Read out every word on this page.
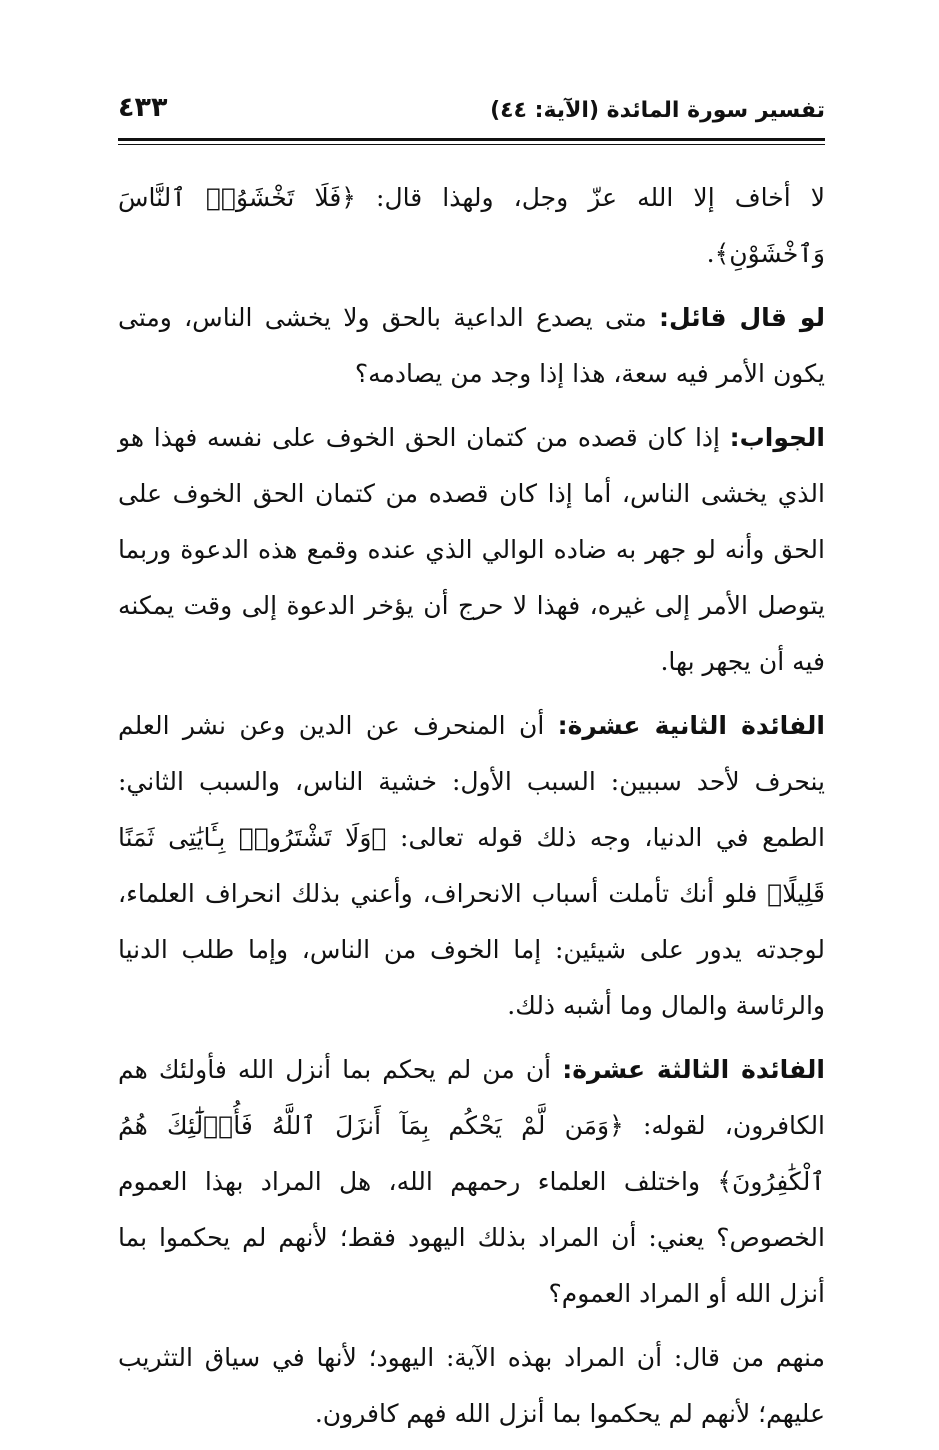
تفسير سورة المائدة (الآية: ٤٤)
٤٣٣

لا أخاف إلا الله عزّ وجل، ولهذا قال: ﴿فَلَا تَخْشَوُا۟ ٱلنَّاسَ وَٱخْشَوْنِ﴾.

لو قال قائل: متى يصدع الداعية بالحق ولا يخشى الناس، ومتى يكون الأمر فيه سعة، هذا إذا وجد من يصادمه؟

الجواب: إذا كان قصده من كتمان الحق الخوف على نفسه فهذا هو الذي يخشى الناس، أما إذا كان قصده من كتمان الحق الخوف على الحق وأنه لو جهر به ضاده الوالي الذي عنده وقمع هذه الدعوة وربما يتوصل الأمر إلى غيره، فهذا لا حرج أن يؤخر الدعوة إلى وقت يمكنه فيه أن يجهر بها.

الفائدة الثانية عشرة: أن المنحرف عن الدين وعن نشر العلم ينحرف لأحد سببين: السبب الأول: خشية الناس، والسبب الثاني: الطمع في الدنيا، وجه ذلك قوله تعالى: ﴿وَلَا تَشْتَرُوا۟ بِـَٔايَٰتِى ثَمَنًا قَلِيلًا﴾ فلو أنك تأملت أسباب الانحراف، وأعني بذلك انحراف العلماء، لوجدته يدور على شيئين: إما الخوف من الناس، وإما طلب الدنيا والرئاسة والمال وما أشبه ذلك.

الفائدة الثالثة عشرة: أن من لم يحكم بما أنزل الله فأولئك هم الكافرون، لقوله: ﴿وَمَن لَّمْ يَحْكُم بِمَآ أَنزَلَ ٱللَّهُ فَأُو۟لَٰٓئِكَ هُمُ ٱلْكَٰفِرُونَ﴾ واختلف العلماء رحمهم الله، هل المراد بهذا العموم الخصوص؟ يعني: أن المراد بذلك اليهود فقط؛ لأنهم لم يحكموا بما أنزل الله أو المراد العموم؟

منهم من قال: أن المراد بهذه الآية: اليهود؛ لأنها في سياق التثريب عليهم؛ لأنهم لم يحكموا بما أنزل الله فهم كافرون.
